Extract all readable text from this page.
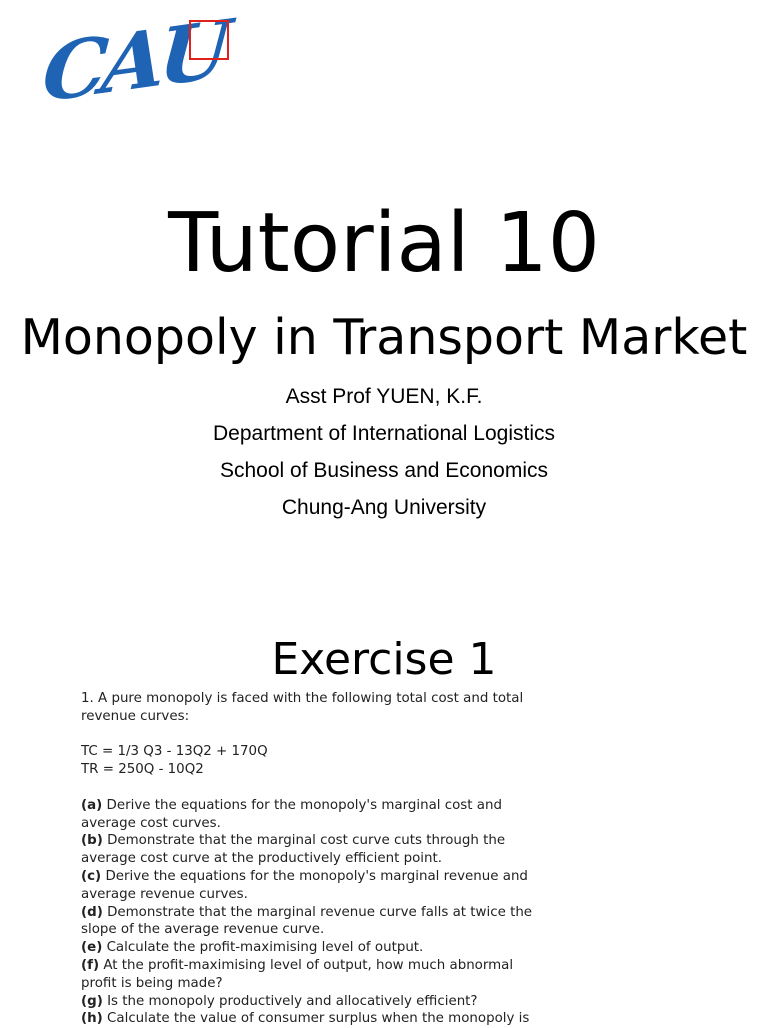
CAU
Tutorial 10
Monopoly in Transport Market
Asst Prof YUEN, K.F.
Department of International Logistics
School of Business and Economics
Chung-Ang University
Exercise 1
1. A pure monopoly is faced with the following total cost and total
revenue curves:
TC = 1/3 Q3 - 13Q2 + 170Q
TR = 250Q - 10Q2
(a) Derive the equations for the monopoly's marginal cost and
average cost curves.
(b) Demonstrate that the marginal cost curve cuts through the
average cost curve at the productively efficient point.
(c) Derive the equations for the monopoly's marginal revenue and
average revenue curves.
(d) Demonstrate that the marginal revenue curve falls at twice the
slope of the average revenue curve.
(e) Calculate the profit-maximising level of output.
(f) At the profit-maximising level of output, how much abnormal
profit is being made?
(g) Is the monopoly productively and allocatively efficient?
(h) Calculate the value of consumer surplus when the monopoly is
